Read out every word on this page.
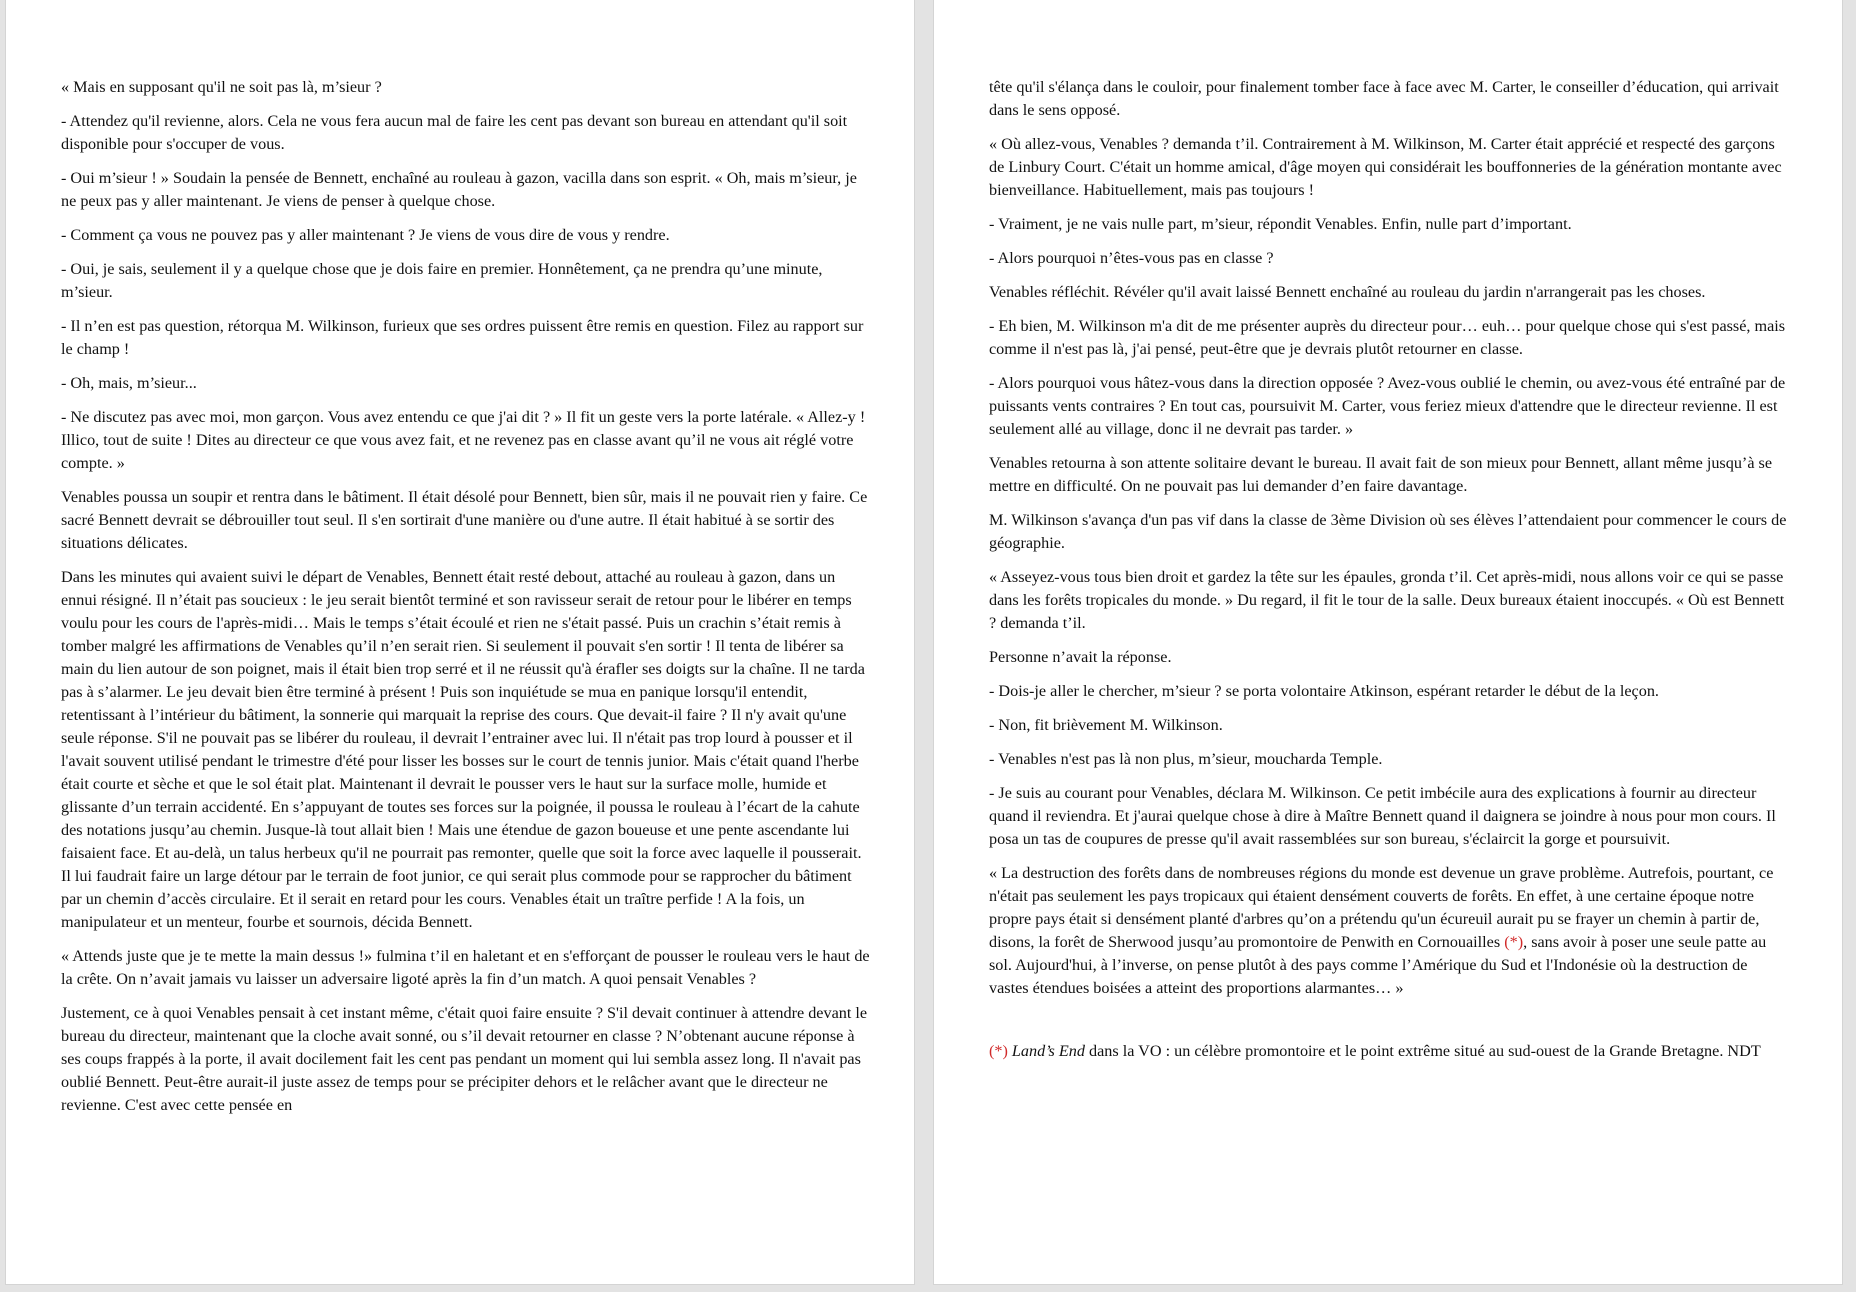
« Mais en supposant qu'il ne soit pas là, m’sieur ?

- Attendez qu'il revienne, alors. Cela ne vous fera aucun mal de faire les cent pas devant son bureau en attendant qu'il soit disponible pour s'occuper de vous.

- Oui m’sieur ! » Soudain la pensée de Bennett, enchaîné au rouleau à gazon, vacilla dans son esprit. « Oh, mais m’sieur, je ne peux pas y aller maintenant. Je viens de penser à quelque chose.

- Comment ça vous ne pouvez pas y aller maintenant ? Je viens de vous dire de vous y rendre.

- Oui, je sais, seulement il y a quelque chose que je dois faire en premier. Honnêtement, ça ne prendra qu’une minute, m’sieur.

- Il n’en est pas question, rétorqua M. Wilkinson, furieux que ses ordres puissent être remis en question. Filez au rapport sur le champ !

- Oh, mais, m’sieur...

- Ne discutez pas avec moi, mon garçon. Vous avez entendu ce que j'ai dit ? » Il fit un geste vers la porte latérale. « Allez-y ! Illico, tout de suite ! Dites au directeur ce que vous avez fait, et ne revenez pas en classe avant qu’il ne vous ait réglé votre compte. »

Venables poussa un soupir et rentra dans le bâtiment. Il était désolé pour Bennett, bien sûr, mais il ne pouvait rien y faire. Ce sacré Bennett devrait se débrouiller tout seul. Il s'en sortirait d'une manière ou d'une autre. Il était habitué à se sortir des situations délicates.

Dans les minutes qui avaient suivi le départ de Venables, Bennett était resté debout, attaché au rouleau à gazon, dans un ennui résigné. Il n’était pas soucieux : le jeu serait bientôt terminé et son ravisseur serait de retour pour le libérer en temps voulu pour les cours de l'après-midi… Mais le temps s’était écoulé et rien ne s'était passé. Puis un crachin s’était remis à tomber malgré les affirmations de Venables qu’il n’en serait rien. Si seulement il pouvait s'en sortir ! Il tenta de libérer sa main du lien autour de son poignet, mais il était bien trop serré et il ne réussit qu'à érafler ses doigts sur la chaîne. Il ne tarda pas à s’alarmer. Le jeu devait bien être terminé à présent ! Puis son inquiétude se mua en panique lorsqu'il entendit, retentissant à l’intérieur du bâtiment, la sonnerie qui marquait la reprise des cours. Que devait-il faire ? Il n'y avait qu'une seule réponse. S'il ne pouvait pas se libérer du rouleau, il devrait l’entrainer avec lui. Il n'était pas trop lourd à pousser et il l'avait souvent utilisé pendant le trimestre d'été pour lisser les bosses sur le court de tennis junior. Mais c'était quand l'herbe était courte et sèche et que le sol était plat. Maintenant il devrait le pousser vers le haut sur la surface molle, humide et glissante d’un terrain accidenté. En s’appuyant de toutes ses forces sur la poignée, il poussa le rouleau à l’écart de la cahute des notations jusqu’au chemin. Jusque-là tout allait bien ! Mais une étendue de gazon boueuse et une pente ascendante lui faisaient face. Et au-delà, un talus herbeux qu'il ne pourrait pas remonter, quelle que soit la force avec laquelle il pousserait. Il lui faudrait faire un large détour par le terrain de foot junior, ce qui serait plus commode pour se rapprocher du bâtiment par un chemin d’accès circulaire. Et il serait en retard pour les cours. Venables était un traître perfide ! A la fois, un manipulateur et un menteur, fourbe et sournois, décida Bennett.

« Attends juste que je te mette la main dessus !» fulmina t’il en haletant et en s'efforçant de pousser le rouleau vers le haut de la crête. On n’avait jamais vu laisser un adversaire ligoté après la fin d’un match. A quoi pensait Venables ?

Justement, ce à quoi Venables pensait à cet instant même, c'était quoi faire ensuite ? S'il devait continuer à attendre devant le bureau du directeur, maintenant que la cloche avait sonné, ou s’il devait retourner en classe ? N’obtenant aucune réponse à ses coups frappés à la porte, il avait docilement fait les cent pas pendant un moment qui lui sembla assez long. Il n'avait pas oublié Bennett. Peut-être aurait-il juste assez de temps pour se précipiter dehors et le relâcher avant que le directeur ne revienne. C'est avec cette pensée en

tête qu'il s'élança dans le couloir, pour finalement tomber face à face avec M. Carter, le conseiller d’éducation, qui arrivait dans le sens opposé.

« Où allez-vous, Venables ? demanda t’il. Contrairement à M. Wilkinson, M. Carter était apprécié et respecté des garçons de Linbury Court. C'était un homme amical, d'âge moyen qui considérait les bouffonneries de la génération montante avec bienveillance. Habituellement, mais pas toujours !

- Vraiment, je ne vais nulle part, m’sieur, répondit Venables. Enfin, nulle part d’important.

- Alors pourquoi n’êtes-vous pas en classe ?

Venables réfléchit. Révéler qu'il avait laissé Bennett enchaîné au rouleau du jardin n'arrangerait pas les choses.

- Eh bien, M. Wilkinson m'a dit de me présenter auprès du directeur pour… euh… pour quelque chose qui s'est passé, mais comme il n'est pas là, j'ai pensé, peut-être que je devrais plutôt retourner en classe.

- Alors pourquoi vous hâtez-vous dans la direction opposée ? Avez-vous oublié le chemin, ou avez-vous été entraîné par de puissants vents contraires ? En tout cas, poursuivit M. Carter, vous feriez mieux d'attendre que le directeur revienne. Il est seulement allé au village, donc il ne devrait pas tarder. »

Venables retourna à son attente solitaire devant le bureau. Il avait fait de son mieux pour Bennett, allant même jusqu’à se mettre en difficulté. On ne pouvait pas lui demander d’en faire davantage.

M. Wilkinson s'avança d'un pas vif dans la classe de 3ème Division où ses élèves l’attendaient pour commencer le cours de géographie.

« Asseyez-vous tous bien droit et gardez la tête sur les épaules, gronda t’il. Cet après-midi, nous allons voir ce qui se passe dans les forêts tropicales du monde. » Du regard, il fit le tour de la salle. Deux bureaux étaient inoccupés. « Où est Bennett ? demanda t’il.

Personne n’avait la réponse.

- Dois-je aller le chercher, m’sieur ? se porta volontaire Atkinson, espérant retarder le début de la leçon.

- Non, fit brièvement M. Wilkinson.

- Venables n'est pas là non plus, m’sieur, moucharda Temple.

- Je suis au courant pour Venables, déclara M. Wilkinson. Ce petit imbécile aura des explications à fournir au directeur quand il reviendra. Et j'aurai quelque chose à dire à Maître Bennett quand il daignera se joindre à nous pour mon cours. Il posa un tas de coupures de presse qu'il avait rassemblées sur son bureau, s'éclaircit la gorge et poursuivit.

« La destruction des forêts dans de nombreuses régions du monde est devenue un grave problème. Autrefois, pourtant, ce n'était pas seulement les pays tropicaux qui étaient densément couverts de forêts. En effet, à une certaine époque notre propre pays était si densément planté d'arbres qu’on a prétendu qu'un écureuil aurait pu se frayer un chemin à partir de, disons, la forêt de Sherwood jusqu’au promontoire de Penwith en Cornouailles (*), sans avoir à poser une seule patte au sol. Aujourd'hui, à l’inverse, on pense plutôt à des pays comme l’Amérique du Sud et l'Indonésie où la destruction de vastes étendues boisées a atteint des proportions alarmantes… »

(*) Land’s End dans la VO : un célèbre promontoire et le point extrême situé au sud-ouest de la Grande Bretagne. NDT
